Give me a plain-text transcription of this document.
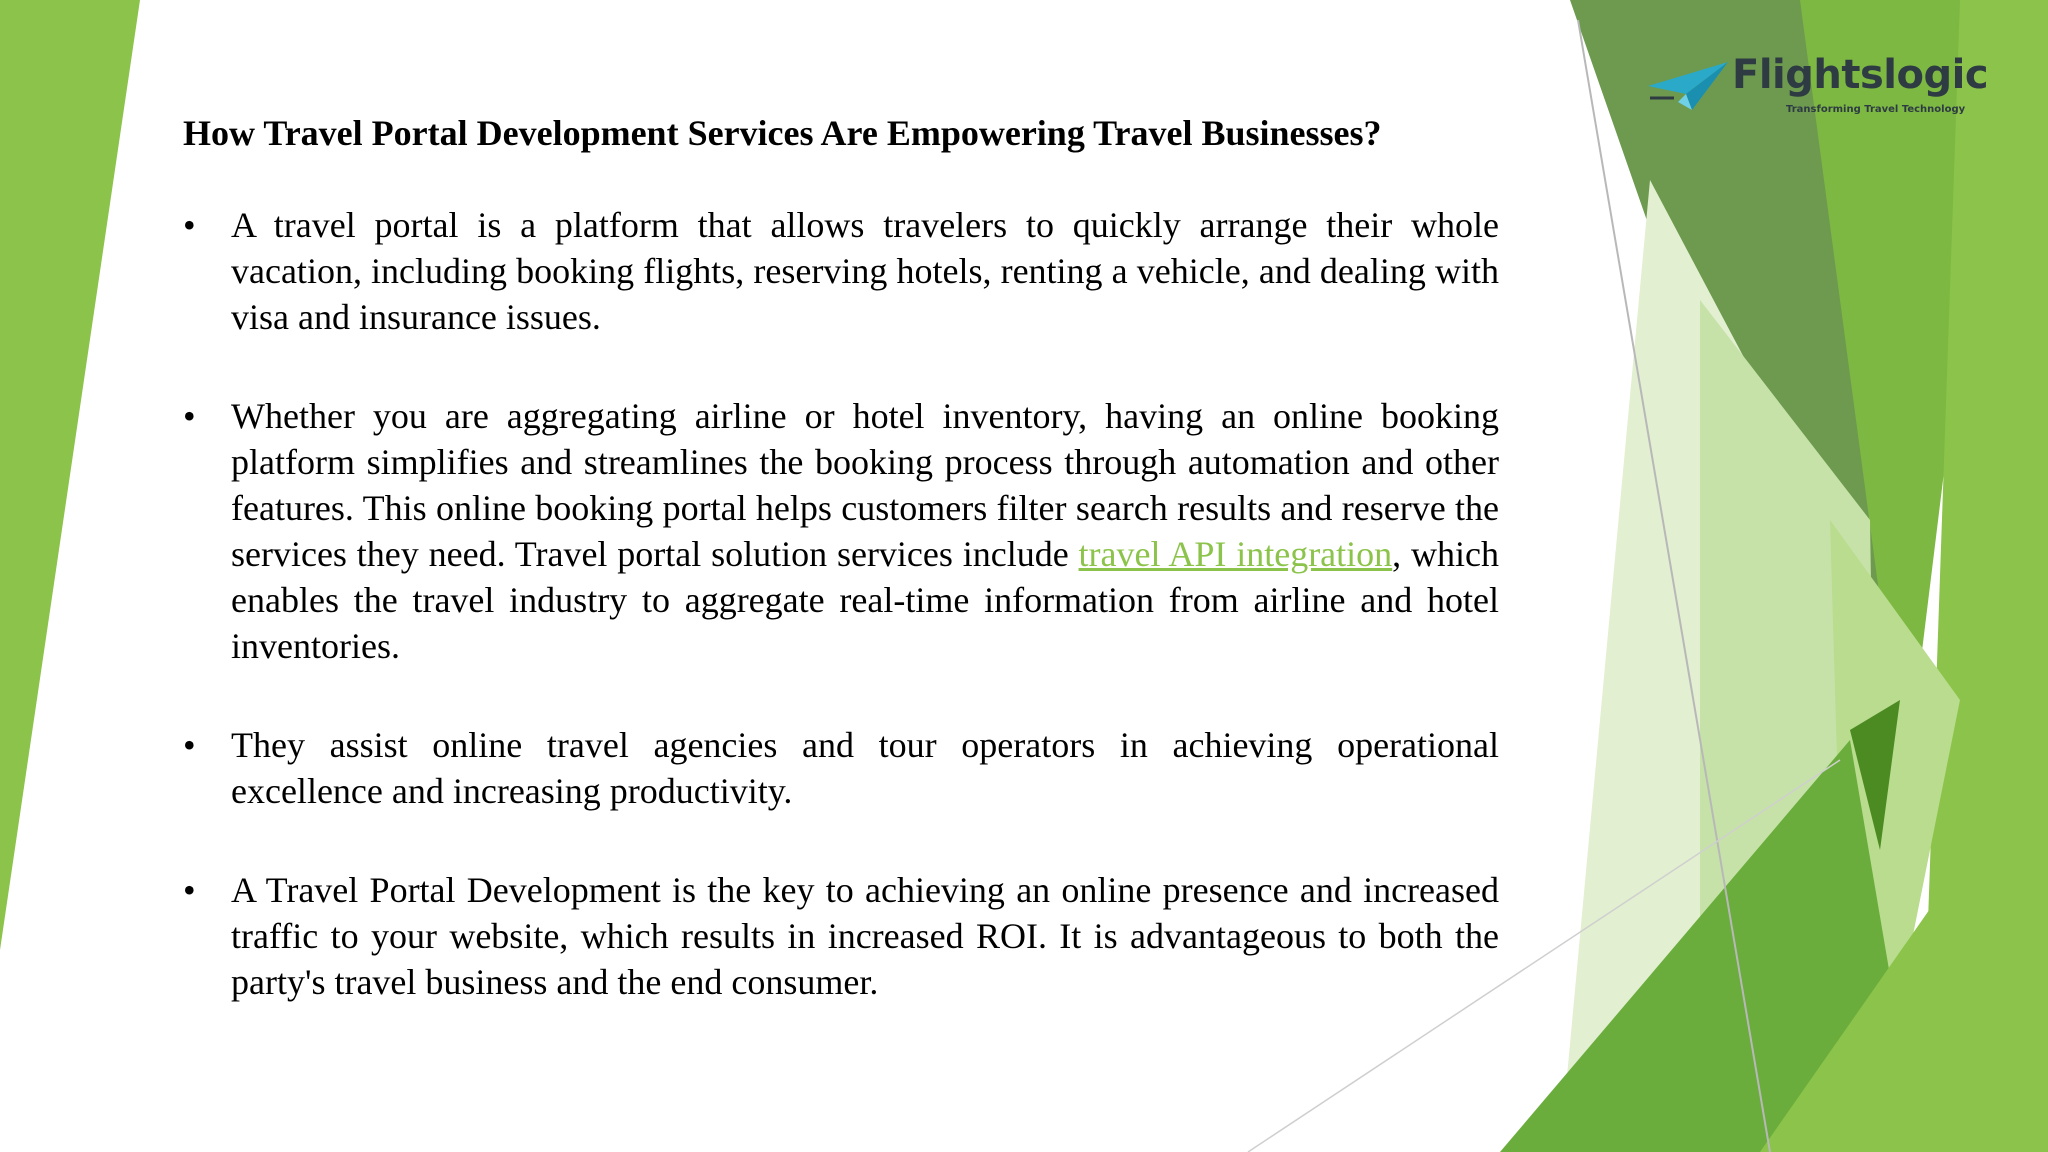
Flightslogic
Transforming Travel Technology
How Travel Portal Development Services Are Empowering Travel Businesses?
• A travel portal is a platform that allows travelers to quickly arrange their whole vacation, including booking flights, reserving hotels, renting a vehicle, and dealing with visa and insurance issues.
• Whether you are aggregating airline or hotel inventory, having an online booking platform simplifies and streamlines the booking process through automation and other features. This online booking portal helps customers filter search results and reserve the services they need. Travel portal solution services include travel API integration, which enables the travel industry to aggregate real-time information from airline and hotel inventories.
• They assist online travel agencies and tour operators in achieving operational excellence and increasing productivity.
• A Travel Portal Development is the key to achieving an online presence and increased traffic to your website, which results in increased ROI. It is advantageous to both the party's travel business and the end consumer.
